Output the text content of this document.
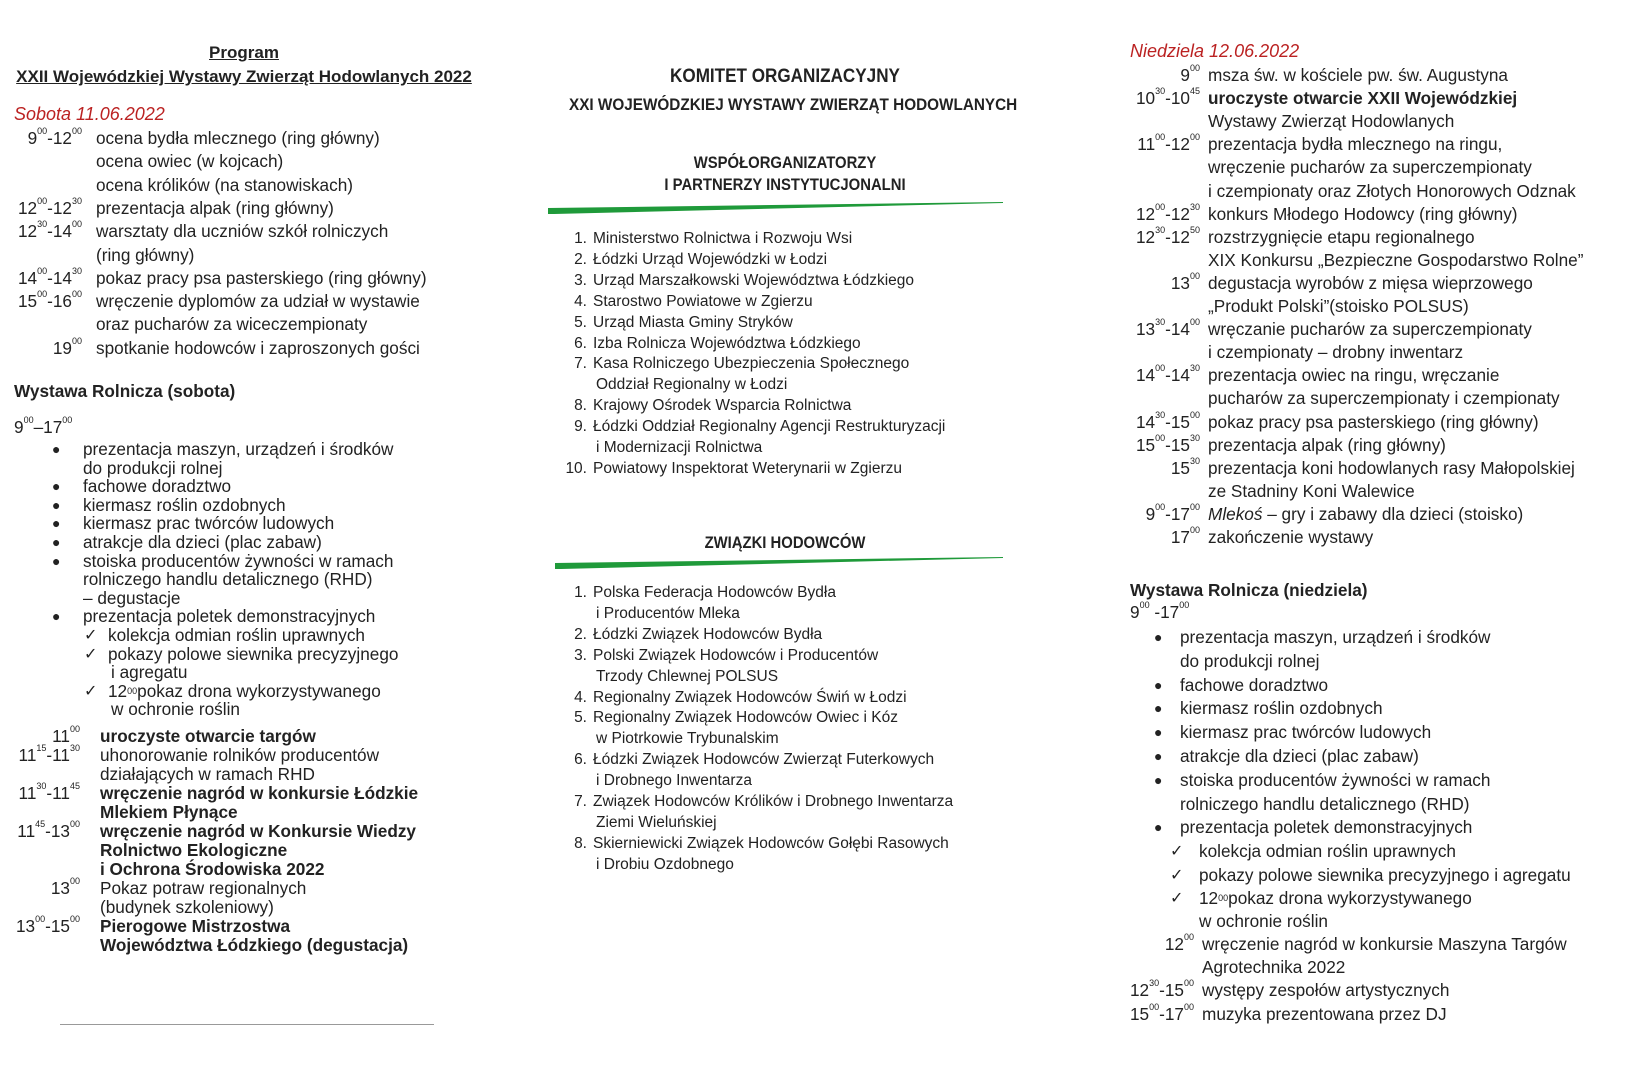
Program
XXII Wojewódzkiej Wystawy Zwierząt Hodowlanych 2022
Sobota 11.06.2022
$9^{00}-12^{00}$ ocena bydła mlecznego (ring główny)
ocena owiec (w kojcach)
ocena królików (na stanowiskach)
$12^{00}-12^{30}$ prezentacja alpak (ring główny)
$12^{30}-14^{00}$ warsztaty dla uczniów szkół rolniczych
(ring główny)
$14^{00}-14^{30}$ pokaz pracy psa pasterskiego (ring główny)
$15^{00}-16^{00}$ wręczenie dyplomów za udział w wystawie
oraz pucharów za wiceczempionaty
$19^{00}$ spotkanie hodowców i zaproszonych gości
Wystawa Rolnicza (sobota)
$9^{00}-17^{00}$
● prezentacja maszyn, urządzeń i środków
do produkcji rolnej
● fachowe doradztwo
● kiermasz roślin ozdobnych
● kiermasz prac twórców ludowych
● atrakcje dla dzieci (plac zabaw)
● stoiska producentów żywności w ramach
rolniczego handlu detalicznego (RHD)
– degustacje
● prezentacja poletek demonstracyjnych
✓ kolekcja odmian roślin uprawnych
✓ pokazy polowe siewnika precyzyjnego
i agregatu
✓ $12^{00}pokaz$ drona wykorzystywanego
w ochronie roślin
$11^{00}$ uroczyste otwarcie targów
$11^{15}-11^{30}$ uhonorowanie rolników producentów
działających w ramach RHD
$11^{30}-11^{45}$ wręczenie nagród w konkursie Łódzkie
Mlekiem Płynące
$11^{45}-13^{00}$ wręczenie nagród w Konkursie Wiedzy
Rolnictwo Ekologiczne
i Ochrona Środowiska 2022
$13^{00}$ Pokaz potraw regionalnych
(budynek szkoleniowy)
$13^{00}-15^{00}$ Pierogowe Mistrzostwa
Województwa Łódzkiego (degustacja)
KOMITET ORGANIZACYJNY
XXI WOJEWÓDZKIEJ WYSTAWY ZWIERZĄT HODOWLANYCH
WSPÓŁORGANIZATORZY
I PARTNERZY INSTYTUCJONALNI
1. Ministerstwo Rolnictwa i Rozwoju Wsi
2. Łódzki Urząd Wojewódzki w Łodzi
3. Urząd Marszałkowski Województwa Łódzkiego
4. Starostwo Powiatowe w Zgierzu
5. Urząd Miasta Gminy Stryków
6. Izba Rolnicza Województwa Łódzkiego
7. Kasa Rolniczego Ubezpieczenia Społecznego
Oddział Regionalny w Łodzi
8. Krajowy Ośrodek Wsparcia Rolnictwa
9. Łódzki Oddział Regionalny Agencji Restrukturyzacji
i Modernizacji Rolnictwa
10. Powiatowy Inspektorat Weterynarii w Zgierzu
ZWIĄZKI HODOWCÓW
1. Polska Federacja Hodowców Bydła
i Producentów Mleka
2. Łódzki Związek Hodowców Bydła
3. Polski Związek Hodowców i Producentów
Trzody Chlewnej POLSUS
4. Regionalny Związek Hodowców Świń w Łodzi
5. Regionalny Związek Hodowców Owiec i Kóz
w Piotrkowie Trybunalskim
6. Łódzki Związek Hodowców Zwierząt Futerkowych
i Drobnego Inwentarza
7. Związek Hodowców Królików i Drobnego Inwentarza
Ziemi Wieluńskiej
8. Skierniewicki Związek Hodowców Gołębi Rasowych
i Drobiu Ozdobnego
Niedziela 12.06.2022
$9^{00}$ msza św. w kościele pw. św. Augustyna
$10^{30}-10^{45}$ uroczyste otwarcie XXII Wojewódzkiej
Wystawy Zwierząt Hodowlanych
$11^{00}-12^{00}$ prezentacja bydła mlecznego na ringu,
wręczenie pucharów za superczempionaty
i czempionaty oraz Złotych Honorowych Odznak
$12^{00}-12^{30}$ konkurs Młodego Hodowcy (ring główny)
$12^{30}-12^{50}$ rozstrzygnięcie etapu regionalnego
XIX Konkursu „Bezpieczne Gospodarstwo Rolne”
$13^{00}$ degustacja wyrobów z mięsa wieprzowego
„Produkt Polski”(stoisko POLSUS)
$13^{30}-14^{00}$ wręczanie pucharów za superczempionaty
i czempionaty – drobny inwentarz
$14^{00}-14^{30}$ prezentacja owiec na ringu, wręczanie
pucharów za superczempionaty i czempionaty
$14^{30}-15^{00}$ pokaz pracy psa pasterskiego (ring główny)
$15^{00}-15^{30}$ prezentacja alpak (ring główny)
$15^{30}$ prezentacja koni hodowlanych rasy Małopolskiej
ze Stadniny Koni Walewice
$9^{00}-17^{00}$ Mlekoś – gry i zabawy dla dzieci (stoisko)
$17^{00}$ zakończenie wystawy
Wystawa Rolnicza (niedziela)
$9^{00}$ $-17^{00}$
● prezentacja maszyn, urządzeń i środków
do produkcji rolnej
● fachowe doradztwo
● kiermasz roślin ozdobnych
● kiermasz prac twórców ludowych
● atrakcje dla dzieci (plac zabaw)
● stoiska producentów żywności w ramach
rolniczego handlu detalicznego (RHD)
● prezentacja poletek demonstracyjnych
✓ kolekcja odmian roślin uprawnych
✓ pokazy polowe siewnika precyzyjnego i agregatu
✓ $12^{00}pokaz$ drona wykorzystywanego
w ochronie roślin
$12^{00}$ wręczenie nagród w konkursie Maszyna Targów
Agrotechnika 2022
$12^{30}-15^{00}$ występy zespołów artystycznych
$15^{00}-17^{00}$ muzyka prezentowana przez DJ
